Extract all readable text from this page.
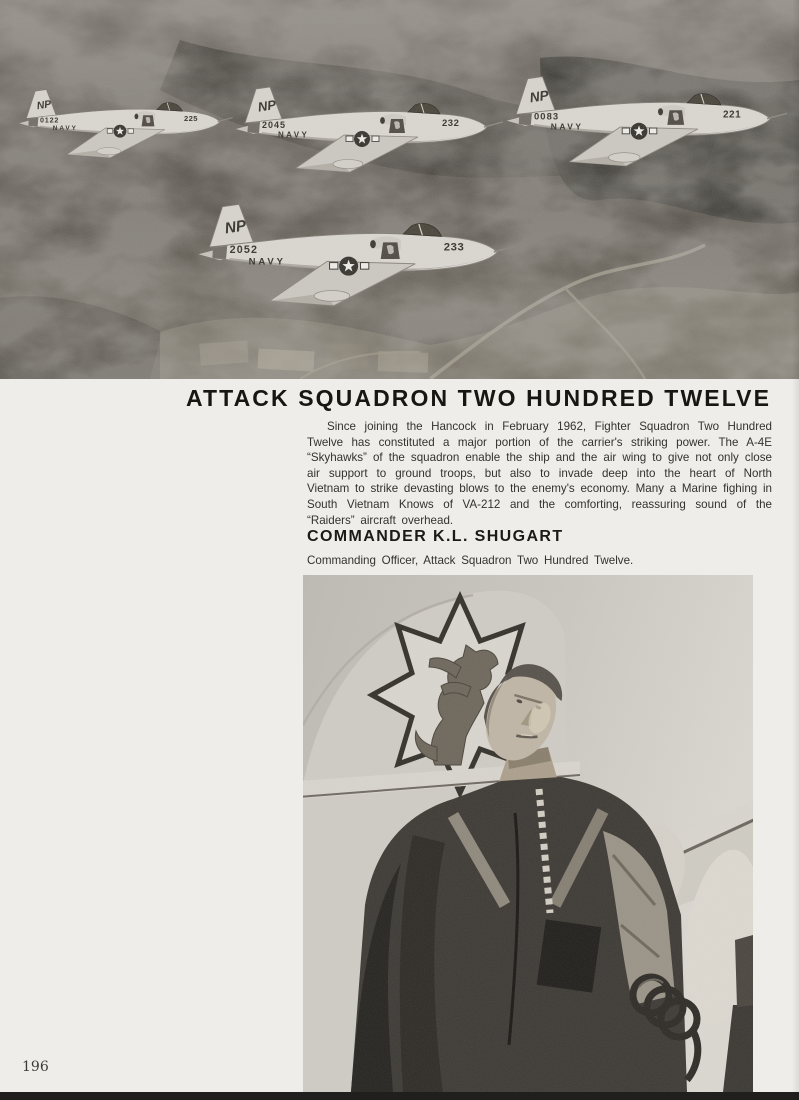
NP
0122
NAVY
225
NP
2045
NAVY
232
NP
0083
NAVY
221
NP
2052
NAVY
233
ATTACK SQUADRON TWO HUNDRED TWELVE

Since joining the Hancock in February 1962, Fighter Squadron Two Hundred Twelve has constituted a major portion of the carrier's striking power. The A-4E “Skyhawks” of the squadron enable the ship and the air wing to give not only close air support to ground troops, but also to invade deep into the heart of North Vietnam to strike devasting blows to the enemy's economy. Many a Marine fighing in South Vietnam Knows of VA-212 and the comforting, reassuring sound of the “Raiders” aircraft overhead.

COMMANDER K.L. SHUGART

Commanding Officer, Attack Squadron Two Hundred Twelve.

196
